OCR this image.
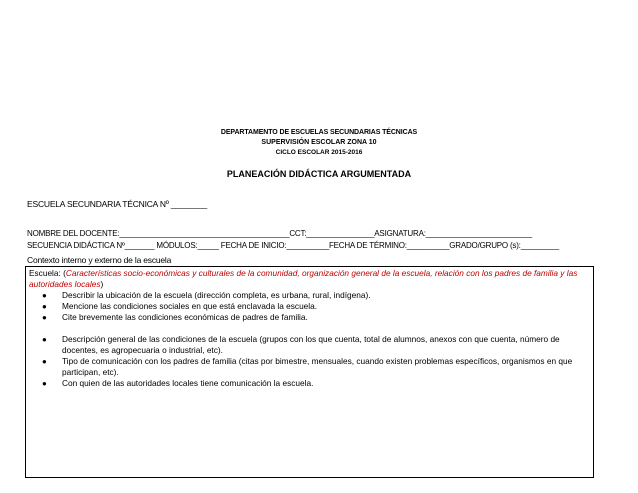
DEPARTAMENTO DE ESCUELAS SECUNDARIAS TÉCNICAS
SUPERVISIÓN ESCOLAR ZONA 10
CICLO ESCOLAR 2015-2016
PLANEACIÓN DIDÁCTICA ARGUMENTADA
ESCUELA SECUNDARIA TÉCNICA Nº ________
NOMBRE DEL DOCENTE:________________________________________CCT:________________ASIGNATURA:_________________________
SECUENCIA DIDÁCTICA Nº_______ MÓDULOS:_____ FECHA DE INICIO:__________FECHA DE TÉRMINO:__________GRADO/GRUPO (s):_________
Contexto interno y externo de la escuela
Escuela: (Características socio-económicas y culturales de la comunidad, organización general de la escuela, relación con los padres de familia y las autoridades locales)
● Describir la ubicación de la escuela (dirección completa, es urbana, rural, indígena).
● Mencione las condiciones sociales en que está enclavada la escuela.
● Cite brevemente las condiciones económicas de padres de familia.
● Descripción general de las condiciones de la escuela (grupos con los que cuenta, total de alumnos, anexos con que cuenta, número de docentes, es agropecuaria o industrial, etc).
● Tipo de comunicación con los padres de familia (citas por bimestre, mensuales, cuando existen problemas específicos, organismos en que participan, etc).
● Con quien de las autoridades locales tiene comunicación la escuela.
